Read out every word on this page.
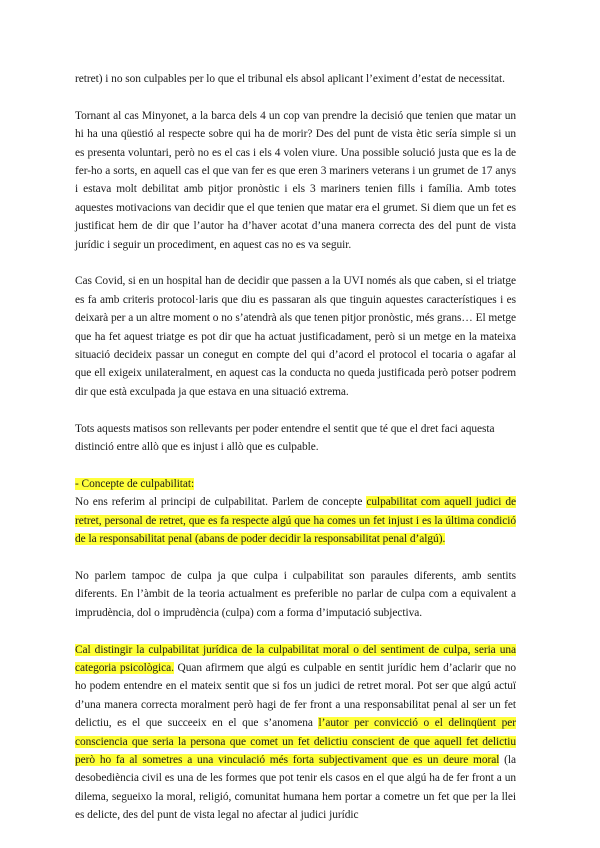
retret) i no son culpables per lo que el tribunal els absol aplicant l’eximent d’estat de necessitat.

Tornant al cas Minyonet, a la barca dels 4 un cop van prendre la decisió que tenien que matar un hi ha una qüestió al respecte sobre qui ha de morir? Des del punt de vista ètic sería simple si un es presenta voluntari, però no es el cas i els 4 volen viure. Una possible solució justa que es la de fer-ho a sorts, en aquell cas el que van fer es que eren 3 mariners veterans i un grumet de 17 anys i estava molt debilitat amb pitjor pronòstic i els 3 mariners tenien fills i família. Amb totes aquestes motivacions van decidir que el que tenien que matar era el grumet. Si diem que un fet es justificat hem de dir que l’autor ha d’haver acotat d’una manera correcta des del punt de vista jurídic i seguir un procediment, en aquest cas no es va seguir.

Cas Covid, si en un hospital han de decidir que passen a la UVI només als que caben, si el triatge es fa amb criteris protocol·laris que diu es passaran als que tinguin aquestes característiques i es deixarà per a un altre moment o no s’atendrà als que tenen pitjor pronòstic, més grans… El metge que ha fet aquest triatge es pot dir que ha actuat justificadament, però si un metge en la mateixa situació decideix passar un conegut en compte del qui d’acord el protocol el tocaria o agafar al que ell exigeix unilateralment, en aquest cas la conducta no queda justificada però potser podrem dir que està exculpada ja que estava en una situació extrema.

Tots aquests matisos son rellevants per poder entendre el sentit que té que el dret faci aquesta distinció entre allò que es injust i allò que es culpable.

- Concepte de culpabilitat:
No ens referim al principi de culpabilitat. Parlem de concepte culpabilitat com aquell judici de retret, personal de retret, que es fa respecte algú que ha comes un fet injust i es la última condició de la responsabilitat penal (abans de poder decidir la responsabilitat penal d’algú).

No parlem tampoc de culpa ja que culpa i culpabilitat son paraules diferents, amb sentits diferents. En l’àmbit de la teoria actualment es preferible no parlar de culpa com a equivalent a imprudència, dol o imprudència (culpa) com a forma d’imputació subjectiva.

Cal distingir la culpabilitat jurídica de la culpabilitat moral o del sentiment de culpa, seria una categoria psicològica. Quan afirmem que algú es culpable en sentit jurídic hem d’aclarir que no ho podem entendre en el mateix sentit que si fos un judici de retret moral. Pot ser que algú actuï d’una manera correcta moralment però hagi de fer front a una responsabilitat penal al ser un fet delictiu, es el que succeeix en el que s’anomena l’autor per convicció o el delinqüent per consciencia que seria la persona que comet un fet delictiu conscient de que aquell fet delictiu però ho fa al sometres a una vinculació més forta subjectivament que es un deure moral (la desobediència civil es una de les formes que pot tenir els casos en el que algú ha de fer front a un dilema, segueixo la moral, religió, comunitat humana hem portar a cometre un fet que per la llei es delicte, des del punt de vista legal no afectar al judici jurídic
